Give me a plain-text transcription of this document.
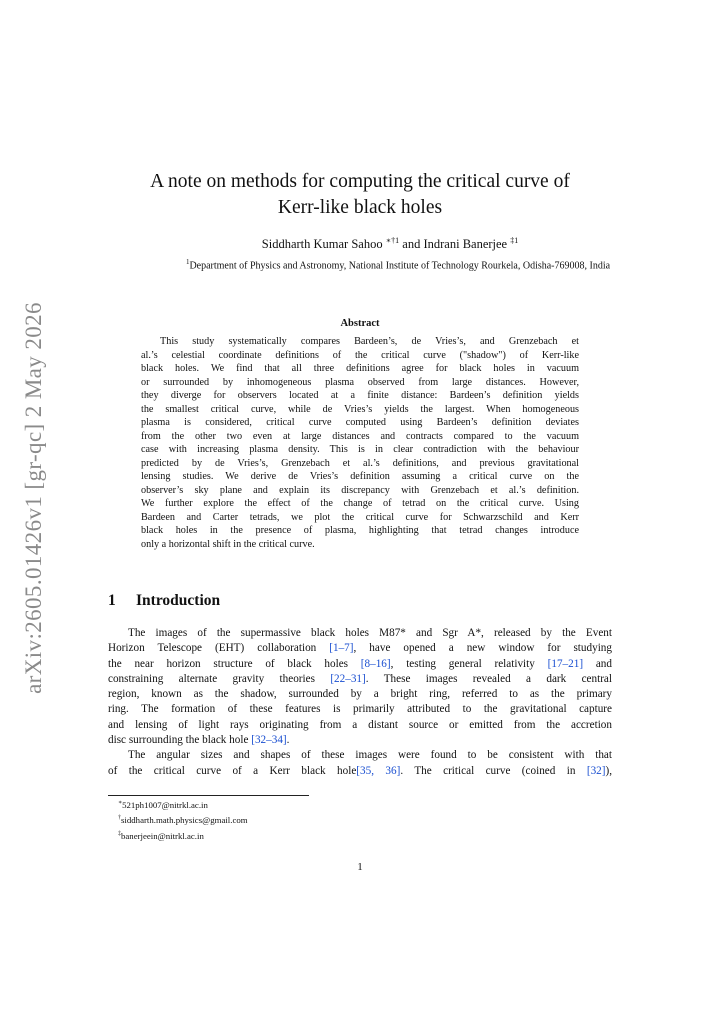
arXiv:2605.01426v1 [gr-qc] 2 May 2026
A note on methods for computing the critical curve of
Kerr-like black holes
Siddharth Kumar Sahoo $^{∗\dagger 1}$ and Indrani Banerjee $^{\ddagger 1}$
$^1$Department of Physics and Astronomy, National Institute of Technology Rourkela, Odisha-769008, India
Abstract
This study systematically compares Bardeen’s, de Vries’s, and Grenzebach et
al.’s celestial coordinate definitions of the critical curve ("shadow") of Kerr-like
black holes. We find that all three definitions agree for black holes in vacuum
or surrounded by inhomogeneous plasma observed from large distances. However,
they diverge for observers located at a finite distance: Bardeen’s definition yields
the smallest critical curve, while de Vries’s yields the largest. When homogeneous
plasma is considered, critical curve computed using Bardeen’s definition deviates
from the other two even at large distances and contracts compared to the vacuum
case with increasing plasma density. This is in clear contradiction with the behaviour
predicted by de Vries’s, Grenzebach et al.’s definitions, and previous gravitational
lensing studies. We derive de Vries’s definition assuming a critical curve on the
observer’s sky plane and explain its discrepancy with Grenzebach et al.’s definition.
We further explore the effect of the change of tetrad on the critical curve. Using
Bardeen and Carter tetrads, we plot the critical curve for Schwarzschild and Kerr
black holes in the presence of plasma, highlighting that tetrad changes introduce
only a horizontal shift in the critical curve.
1 Introduction
The images of the supermassive black holes M87* and Sgr A*, released by the Event
Horizon Telescope (EHT) collaboration [1–7], have opened a new window for studying
the near horizon structure of black holes [8–16], testing general relativity [17–21] and
constraining alternate gravity theories [22–31]. These images revealed a dark central
region, known as the shadow, surrounded by a bright ring, referred to as the primary
ring. The formation of these features is primarily attributed to the gravitational capture
and lensing of light rays originating from a distant source or emitted from the accretion
disc surrounding the black hole [32–34].
The angular sizes and shapes of these images were found to be consistent with that
of the critical curve of a Kerr black hole[35, 36]. The critical curve (coined in [32]),
∗521ph1007@nitrkl.ac.in
†siddharth.math.physics@gmail.com
‡banerjeein@nitrkl.ac.in
1
